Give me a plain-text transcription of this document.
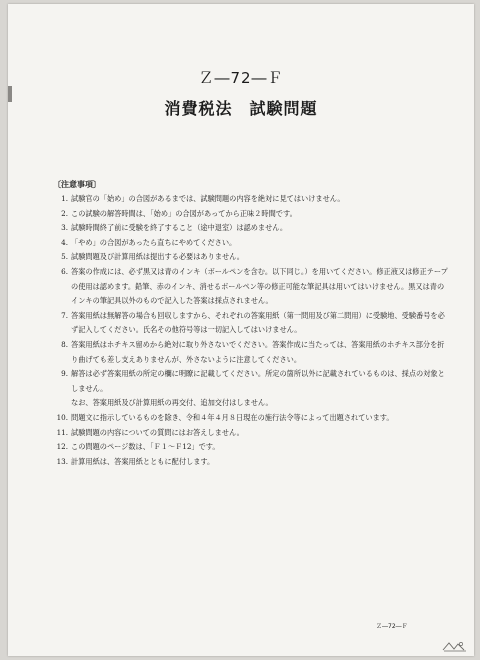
Ｚ―72―Ｆ
消費税法　試験問題
〔注意事項〕
1. 試験官の「始め」の合図があるまでは、試験問題の内容を絶対に見てはいけません。

2. この試験の解答時間は、「始め」の合図があってから正味２時間です。

3. 試験時間終了前に受験を終了すること（途中退室）は認めません。

4. 「やめ」の合図があったら直ちにやめてください。

5. 試験問題及び計算用紙は提出する必要はありません。

6. 答案の作成には、必ず黒又は青のインキ（ボールペンを含む。以下同じ。）を用いてください。修正液又は修正テープの使用は認めます。鉛筆、赤のインキ、消せるボールペン等の修正可能な筆記具は用いてはいけません。黒又は青のインキの筆記具以外のもので記入した答案は採点されません。

7. 答案用紙は無解答の場合も回収しますから、それぞれの答案用紙（第一問用及び第二問用）に受験地、受験番号を必ず記入してください。氏名その他符号等は一切記入してはいけません。

8. 答案用紙はホチキス留めから絶対に取り外さないでください。答案作成に当たっては、答案用紙のホチキス部分を折り曲げても差し支えありませんが、外さないように注意してください。

9. 解答は必ず答案用紙の所定の欄に明瞭に記載してください。所定の箇所以外に記載されているものは、採点の対象としません。

なお、答案用紙及び計算用紙の再交付、追加交付はしません。
10. 問題文に指示しているものを除き、令和４年４月８日現在の施行法令等によって出題されています。

11. 試験問題の内容についての質問にはお答えしません。

12. この問題のページ数は、「Ｆ１～Ｆ12」です。

13. 計算用紙は、答案用紙とともに配付します。

Ｚ―72―Ｆ
